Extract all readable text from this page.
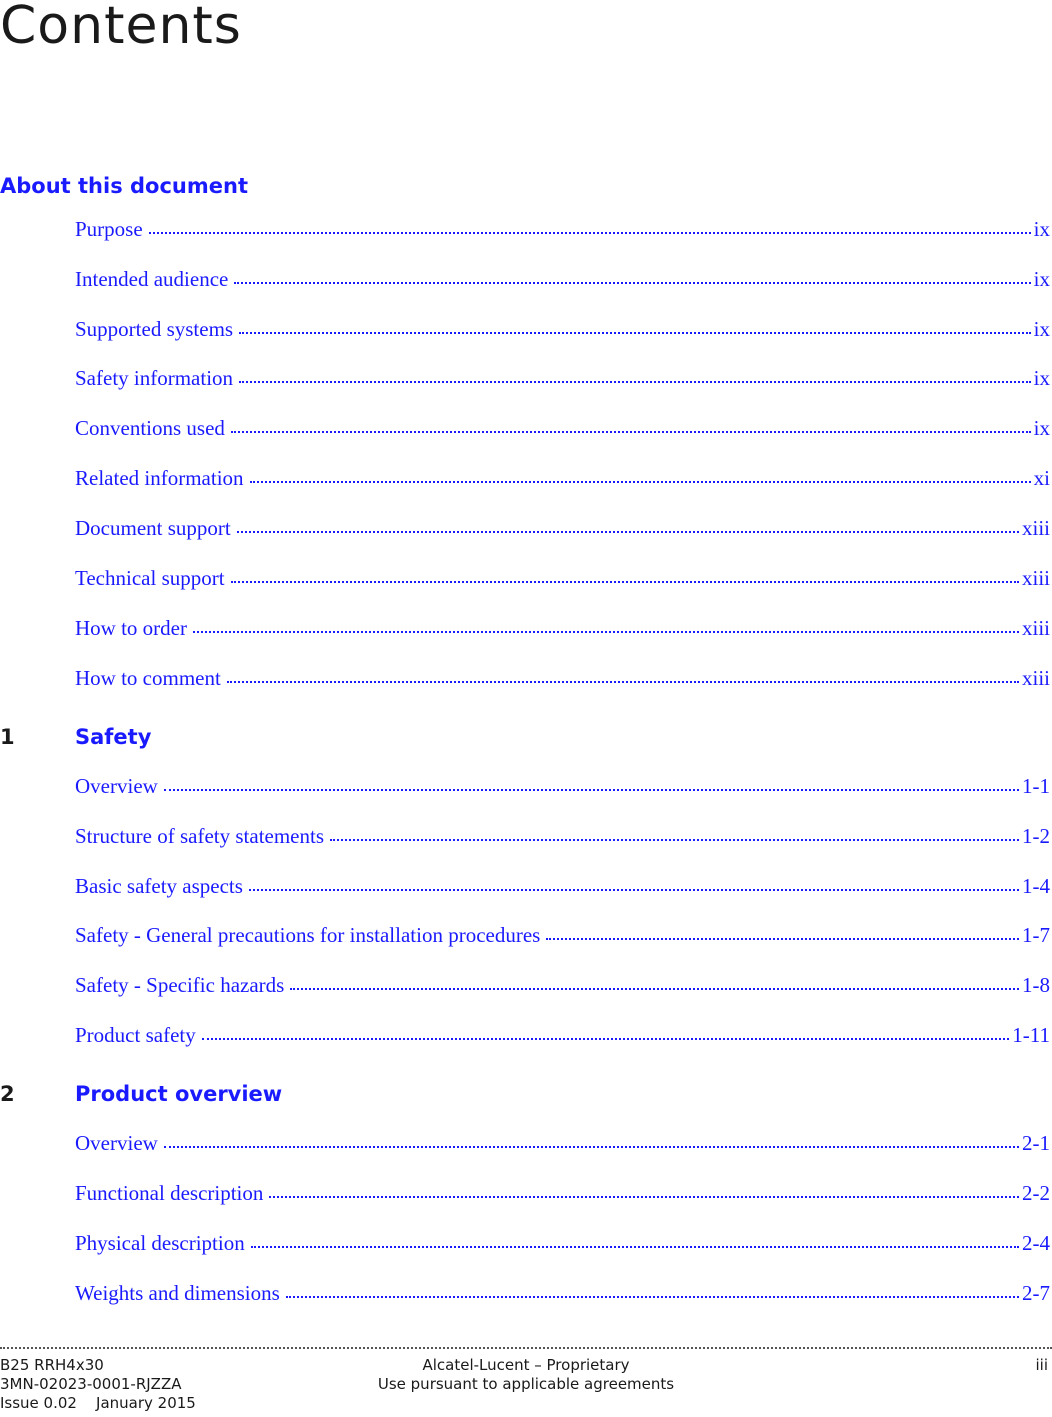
Contents
About this document
Purpose	ix
Intended audience	ix
Supported systems	ix
Safety information	ix
Conventions used	ix
Related information	xi
Document support	xiii
Technical support	xiii
How to order	xiii
How to comment	xiii
1	Safety
Overview	1-1
Structure of safety statements	1-2
Basic safety aspects	1-4
Safety - General precautions for installation procedures	1-7
Safety - Specific hazards	1-8
Product safety	1-11
2	Product overview
Overview	2-1
Functional description	2-2
Physical description	2-4
Weights and dimensions	2-7
B25 RRH4x30
3MN-02023-0001-RJZZA
Issue 0.02    January 2015
Alcatel-Lucent – Proprietary
Use pursuant to applicable agreements
iii
